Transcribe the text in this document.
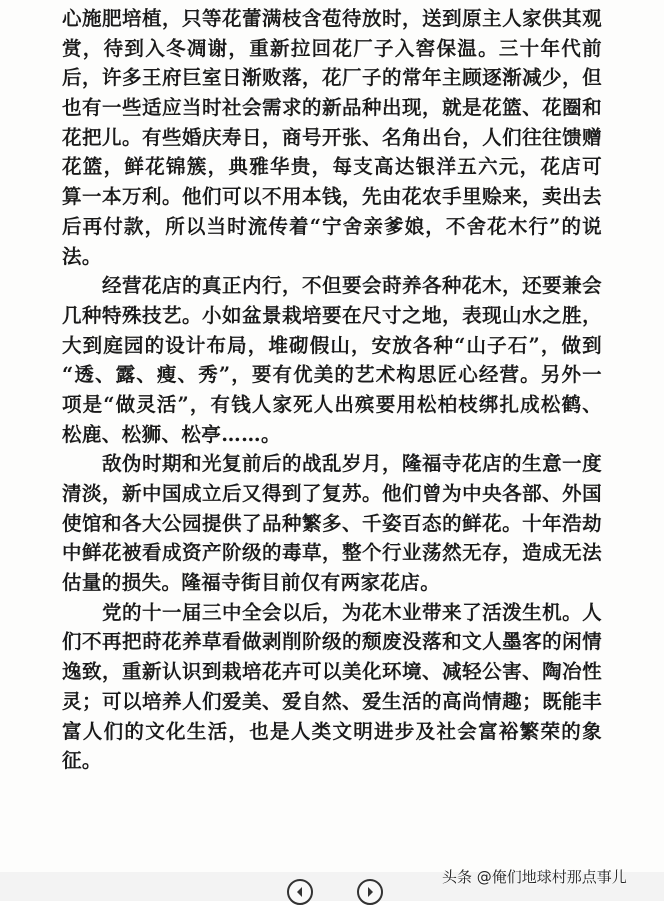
心施肥培植，只等花蕾满枝含苞待放时，送到原主人家供其观
赏，待到入冬凋谢，重新拉回花厂子入窖保温。三十年代前
后，许多王府巨室日渐败落，花厂子的常年主顾逐渐减少，但
也有一些适应当时社会需求的新品种出现，就是花篮、花圈和
花把儿。有些婚庆寿日，商号开张、名角出台，人们往往馈赠
花篮，鲜花锦簇，典雅华贵，每支高达银洋五六元，花店可
算一本万利。他们可以不用本钱，先由花农手里赊来，卖出去
后再付款，所以当时流传着“宁舍亲爹娘，不舍花木行”的说
法。
经营花店的真正内行，不但要会莳养各种花木，还要兼会
几种特殊技艺。小如盆景栽培要在尺寸之地，表现山水之胜，
大到庭园的设计布局，堆砌假山，安放各种“山子石”，做到
“透、露、瘦、秀”，要有优美的艺术构思匠心经营。另外一
项是“做灵活”，有钱人家死人出殡要用松柏枝绑扎成松鹤、
松鹿、松狮、松亭……。
敌伪时期和光复前后的战乱岁月，隆福寺花店的生意一度
清淡，新中国成立后又得到了复苏。他们曾为中央各部、外国
使馆和各大公园提供了品种繁多、千姿百态的鲜花。十年浩劫
中鲜花被看成资产阶级的毒草，整个行业荡然无存，造成无法
估量的损失。隆福寺街目前仅有两家花店。
党的十一届三中全会以后，为花木业带来了活泼生机。人
们不再把莳花养草看做剥削阶级的颓废没落和文人墨客的闲情
逸致，重新认识到栽培花卉可以美化环境、减轻公害、陶冶性
灵；可以培养人们爱美、爱自然、爱生活的高尚情趣；既能丰
富人们的文化生活，也是人类文明进步及社会富裕繁荣的象
征。
头条 @俺们地球村那点事儿
